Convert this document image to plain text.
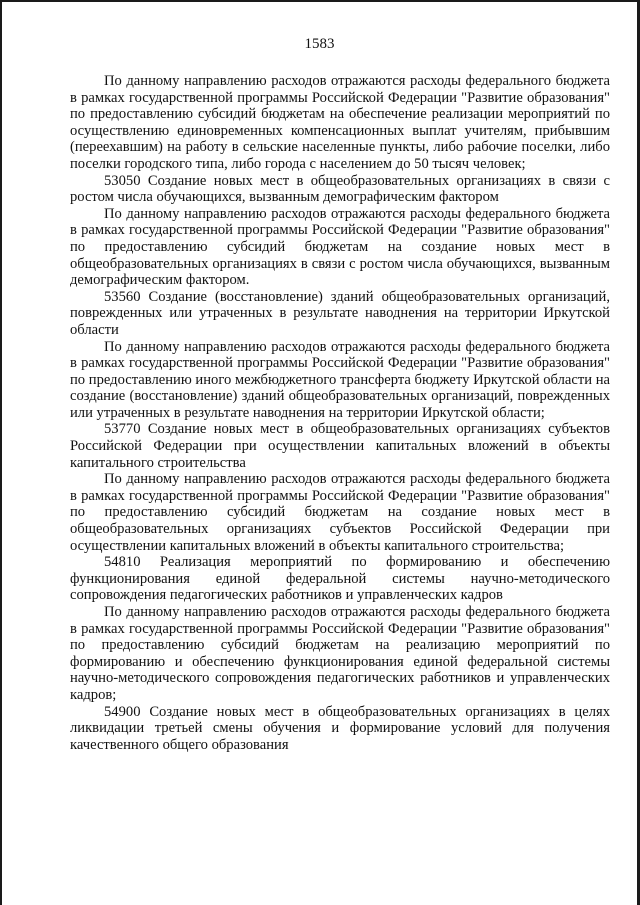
1583

По данному направлению расходов отражаются расходы федерального бюджета в рамках государственной программы Российской Федерации "Развитие образования" по предоставлению субсидий бюджетам на обеспечение реализации мероприятий по осуществлению единовременных компенсационных выплат учителям, прибывшим (переехавшим) на работу в сельские населенные пункты, либо рабочие поселки, либо поселки городского типа, либо города с населением до 50 тысяч человек;

53050 Создание новых мест в общеобразовательных организациях в связи с ростом числа обучающихся, вызванным демографическим фактором

По данному направлению расходов отражаются расходы федерального бюджета в рамках государственной программы Российской Федерации "Развитие образования" по предоставлению субсидий бюджетам на создание новых мест в общеобразовательных организациях в связи с ростом числа обучающихся, вызванным демографическим фактором.

53560 Создание (восстановление) зданий общеобразовательных организаций, поврежденных или утраченных в результате наводнения на территории Иркутской области

По данному направлению расходов отражаются расходы федерального бюджета в рамках государственной программы Российской Федерации "Развитие образования" по предоставлению иного межбюджетного трансферта бюджету Иркутской области на создание (восстановление) зданий общеобразовательных организаций, поврежденных или утраченных в результате наводнения на территории Иркутской области;

53770 Создание новых мест в общеобразовательных организациях субъектов Российской Федерации при осуществлении капитальных вложений в объекты капитального строительства

По данному направлению расходов отражаются расходы федерального бюджета в рамках государственной программы Российской Федерации "Развитие образования" по предоставлению субсидий бюджетам на создание новых мест в общеобразовательных организациях субъектов Российской Федерации при осуществлении капитальных вложений в объекты капитального строительства;

54810 Реализация мероприятий по формированию и обеспечению функционирования единой федеральной системы научно-методического сопровождения педагогических работников и управленческих кадров

По данному направлению расходов отражаются расходы федерального бюджета в рамках государственной программы Российской Федерации "Развитие образования" по предоставлению субсидий бюджетам на реализацию мероприятий по формированию и обеспечению функционирования единой федеральной системы научно-методического сопровождения педагогических работников и управленческих кадров;

54900 Создание новых мест в общеобразовательных организациях в целях ликвидации третьей смены обучения и формирование условий для получения качественного общего образования
